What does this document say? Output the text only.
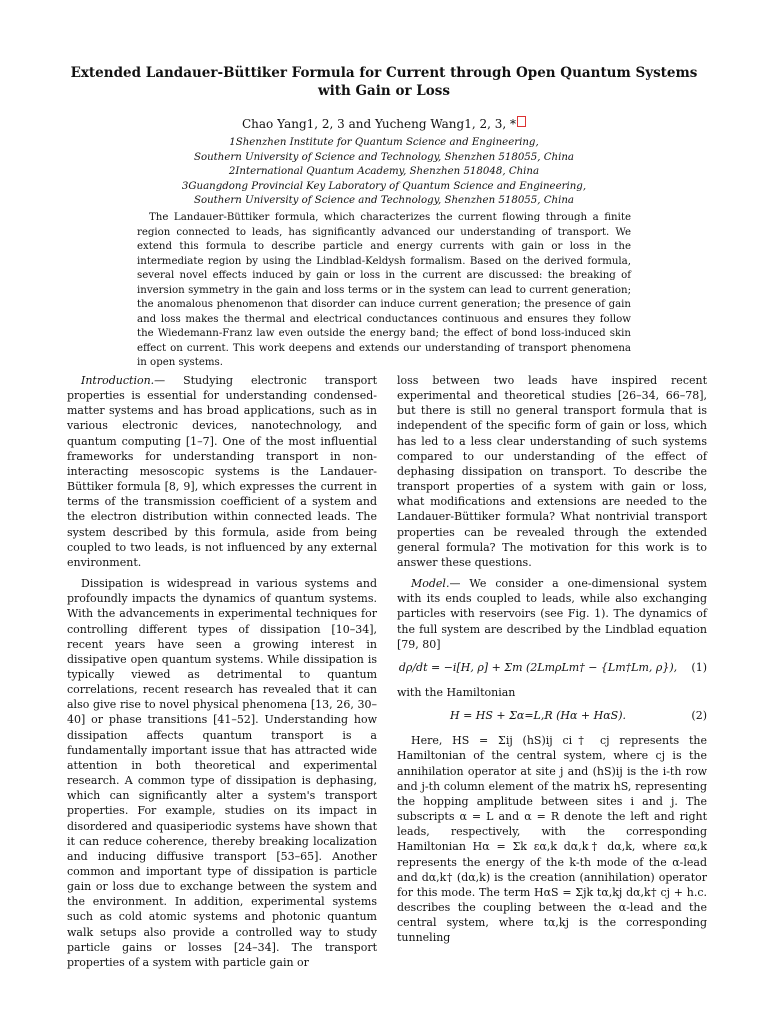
Extended Landauer-Büttiker Formula for Current through Open Quantum Systems
with Gain or Loss
Chao Yang1, 2, 3 and Yucheng Wang1, 2, 3, *
1Shenzhen Institute for Quantum Science and Engineering,
Southern University of Science and Technology, Shenzhen 518055, China
2International Quantum Academy, Shenzhen 518048, China
3Guangdong Provincial Key Laboratory of Quantum Science and Engineering,
Southern University of Science and Technology, Shenzhen 518055, China

The Landauer-Büttiker formula, which characterizes the current flowing through a finite region connected to leads, has significantly advanced our understanding of transport. We extend this formula to describe particle and energy currents with gain or loss in the intermediate region by using the Lindblad-Keldysh formalism. Based on the derived formula, several novel effects induced by gain or loss in the current are discussed: the breaking of inversion symmetry in the gain and loss terms or in the system can lead to current generation; the anomalous phenomenon that disorder can induce current generation; the presence of gain and loss makes the thermal and electrical conductances continuous and ensures they follow the Wiedemann-Franz law even outside the energy band; the effect of bond loss-induced skin effect on current. This work deepens and extends our understanding of transport phenomena in open systems.

Introduction.— Studying electronic transport properties is essential for understanding condensed-matter systems and has broad applications, such as in various electronic devices, nanotechnology, and quantum computing [1–7]. One of the most influential frameworks for understanding transport in non-interacting mesoscopic systems is the Landauer-Büttiker formula [8, 9], which expresses the current in terms of the transmission coefficient of a system and the electron distribution within connected leads. The system described by this formula, aside from being coupled to two leads, is not influenced by any external environment.

Dissipation is widespread in various systems and profoundly impacts the dynamics of quantum systems. With the advancements in experimental techniques for controlling different types of dissipation [10–34], recent years have seen a growing interest in dissipative open quantum systems. While dissipation is typically viewed as detrimental to quantum correlations, recent research has revealed that it can also give rise to novel physical phenomena [13, 26, 30–40] or phase transitions [41–52]. Understanding how dissipation affects quantum transport is a fundamentally important issue that has attracted wide attention in both theoretical and experimental research. A common type of dissipation is dephasing, which can significantly alter a system's transport properties. For example, studies on its impact in disordered and quasiperiodic systems have shown that it can reduce coherence, thereby breaking localization and inducing diffusive transport [53–65]. Another common and important type of dissipation is particle gain or loss due to exchange between the system and the environment. In addition, experimental systems such as cold atomic systems and photonic quantum walk setups also provide a controlled way to study particle gains or losses [24–34]. The transport properties of a system with particle gain or

loss between two leads have inspired recent experimental and theoretical studies [26–34, 66–78], but there is still no general transport formula that is independent of the specific form of gain or loss, which has led to a less clear understanding of such systems compared to our understanding of the effect of dephasing dissipation on transport. To describe the transport properties of a system with gain or loss, what modifications and extensions are needed to the Landauer-Büttiker formula? What nontrivial transport properties can be revealed through the extended general formula? The motivation for this work is to answer these questions.

Model.— We consider a one-dimensional system with its ends coupled to leads, while also exchanging particles with reservoirs (see Fig. 1). The dynamics of the full system are described by the Lindblad equation [79, 80]

dρ/dt = −i[H, ρ] + Σm (2LmρLm† − {Lm†Lm, ρ}),	(1)

with the Hamiltonian

H = HS + Σα=L,R (Hα + HαS).	(2)

Here, HS = Σij (hS)ij ci† cj represents the Hamiltonian of the central system, where cj is the annihilation operator at site j and (hS)ij is the i-th row and j-th column element of the matrix hS, representing the hopping amplitude between sites i and j. The subscripts α = L and α = R denote the left and right leads, respectively, with the corresponding Hamiltonian Hα = Σk εα,k dα,k† dα,k, where εα,k represents the energy of the k-th mode of the α-lead and dα,k† (dα,k) is the creation (annihilation) operator for this mode. The term HαS = Σjk tα,kj dα,k† cj + h.c. describes the coupling between the α-lead and the central system, where tα,kj is the corresponding tunneling
